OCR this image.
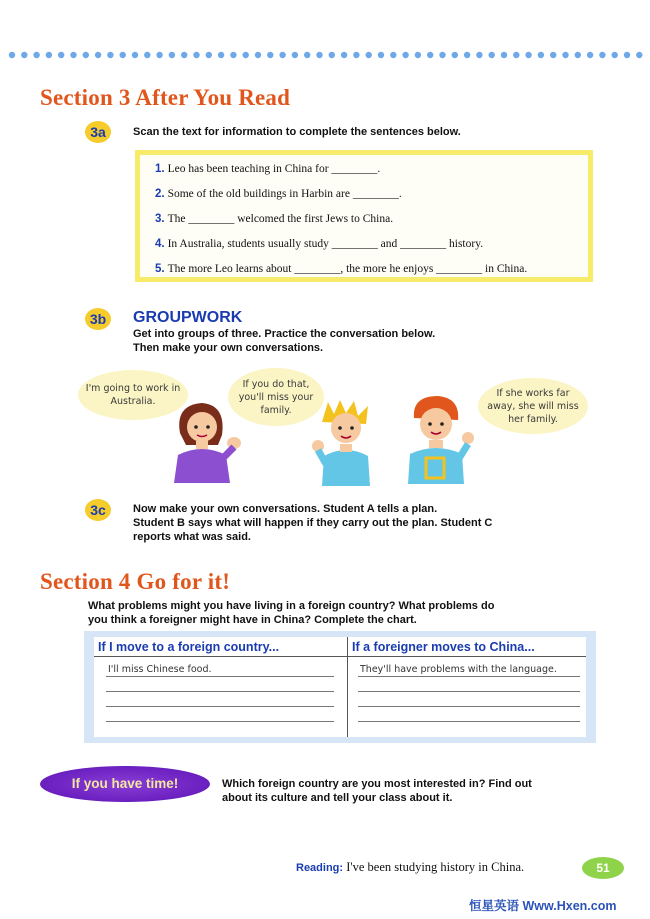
Section 3 After You Read
3a	Scan the text for information to complete the sentences below.
1. Leo has been teaching in China for ________.
2. Some of the old buildings in Harbin are ________.
3. The ________ welcomed the first Jews to China.
4. In Australia, students usually study ________ and ________ history.
5. The more Leo learns about ________, the more he enjoys ________ in China.
3b	GROUPWORK
Get into groups of three. Practice the conversation below.
Then make your own conversations.
I'm going to work in
Australia.
If you do that,
you'll miss your
family.
If she works far
away, she will miss
her family.
3c	Now make your own conversations. Student A tells a plan.
Student B says what will happen if they carry out the plan. Student C
reports what was said.
Section 4 Go for it!
What problems might you have living in a foreign country? What problems do
you think a foreigner might have in China? Complete the chart.
If I move to a foreign country...	If a foreigner moves to China...
I'll miss Chinese food.	They'll have problems with the language.
If you have time!	Which foreign country are you most interested in? Find out
about its culture and tell your class about it.
Reading: I've been studying history in China.	51
恒星英语 Www.Hxen.com
